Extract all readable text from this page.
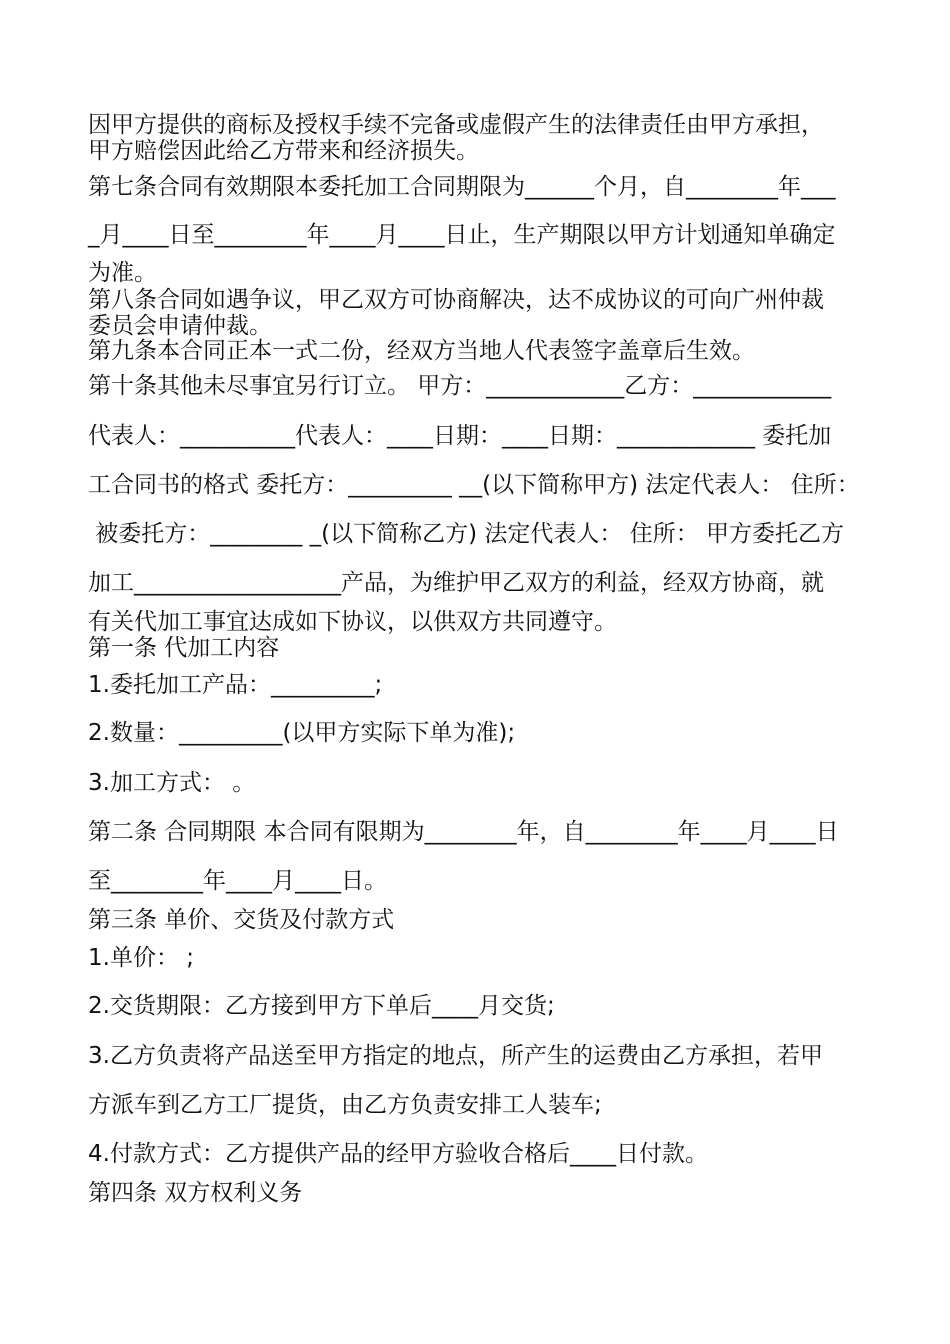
因甲方提供的商标及授权手续不完备或虚假产生的法律责任由甲方承担，
甲方赔偿因此给乙方带来和经济损失。
第七条合同有效期限本委托加工合同期限为______个月，自________年___
_月____日至________年____月____日止，生产期限以甲方计划通知单确定
为准。
第八条合同如遇争议，甲乙双方可协商解决，达不成协议的可向广州仲裁
委员会申请仲裁。
第九条本合同正本一式二份，经双方当地人代表签字盖章后生效。
第十条其他未尽事宜另行订立。 甲方：____________乙方：____________
代表人：__________代表人：____日期：____日期：____________ 委托加
工合同书的格式 委托方：_________ __(以下简称甲方) 法定代表人： 住所：
被委托方：________ _(以下简称乙方) 法定代表人： 住所： 甲方委托乙方
加工__________________产品，为维护甲乙双方的利益，经双方协商，就
有关代加工事宜达成如下协议，以供双方共同遵守。
第一条 代加工内容
1.委托加工产品：_________;
2.数量：_________(以甲方实际下单为准);
3.加工方式： 。
第二条 合同期限 本合同有限期为________年，自________年____月____日
至________年____月____日。
第三条 单价、交货及付款方式
1.单价： ;
2.交货期限：乙方接到甲方下单后____月交货;
3.乙方负责将产品送至甲方指定的地点，所产生的运费由乙方承担，若甲
方派车到乙方工厂提货，由乙方负责安排工人装车;
4.付款方式：乙方提供产品的经甲方验收合格后____日付款。
第四条 双方权利义务
